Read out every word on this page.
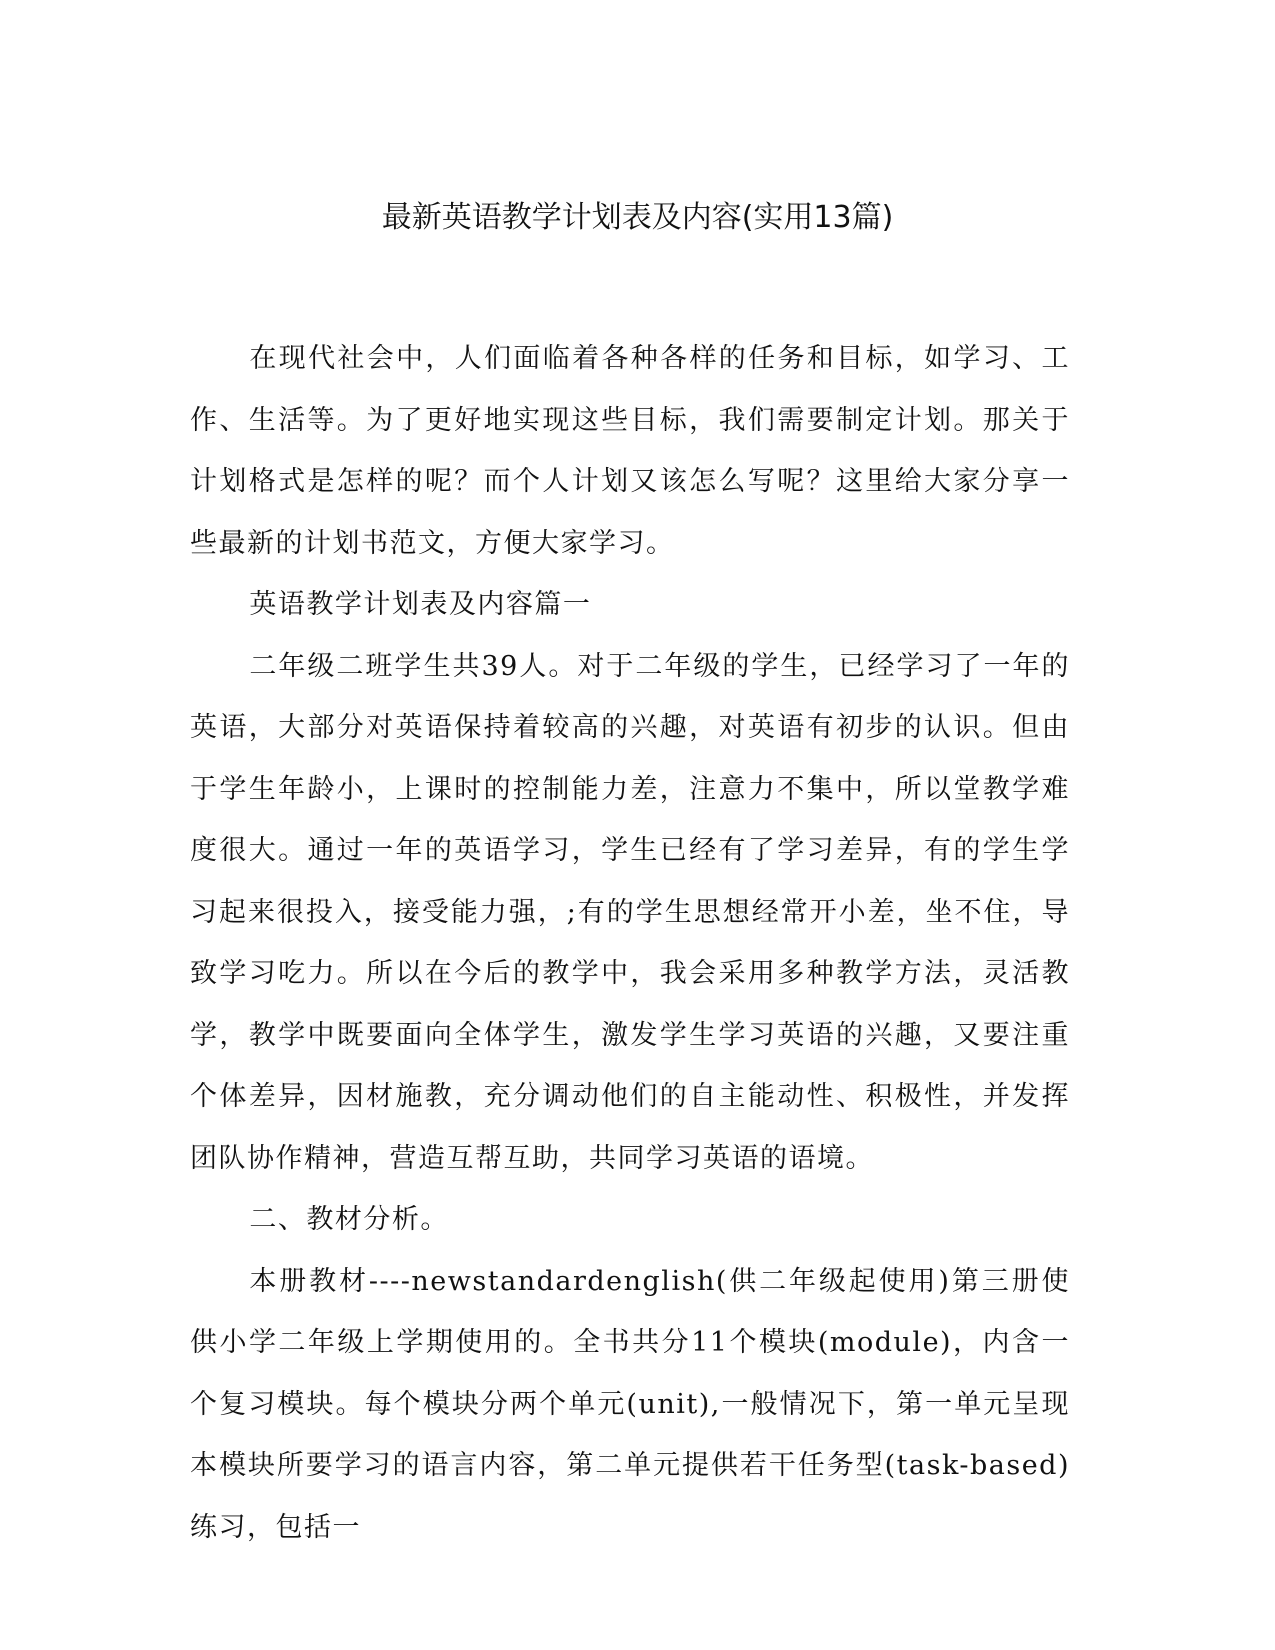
最新英语教学计划表及内容(实用13篇)

在现代社会中，人们面临着各种各样的任务和目标，如学习、工作、生活等。为了更好地实现这些目标，我们需要制定计划。那关于计划格式是怎样的呢？而个人计划又该怎么写呢？这里给大家分享一些最新的计划书范文，方便大家学习。

英语教学计划表及内容篇一

二年级二班学生共39人。对于二年级的学生，已经学习了一年的英语，大部分对英语保持着较高的兴趣，对英语有初步的认识。但由于学生年龄小，上课时的控制能力差，注意力不集中，所以堂教学难度很大。通过一年的英语学习，学生已经有了学习差异，有的学生学习起来很投入，接受能力强，;有的学生思想经常开小差，坐不住，导致学习吃力。所以在今后的教学中，我会采用多种教学方法，灵活教学，教学中既要面向全体学生，激发学生学习英语的兴趣，又要注重个体差异，因材施教，充分调动他们的自主能动性、积极性，并发挥团队协作精神，营造互帮互助，共同学习英语的语境。

二、教材分析。

本册教材----newstandardenglish(供二年级起使用)第三册使供小学二年级上学期使用的。全书共分11个模块(module)，内含一个复习模块。每个模块分两个单元(unit),一般情况下，第一单元呈现本模块所要学习的语言内容，第二单元提供若干任务型(task-based)练习，包括一
